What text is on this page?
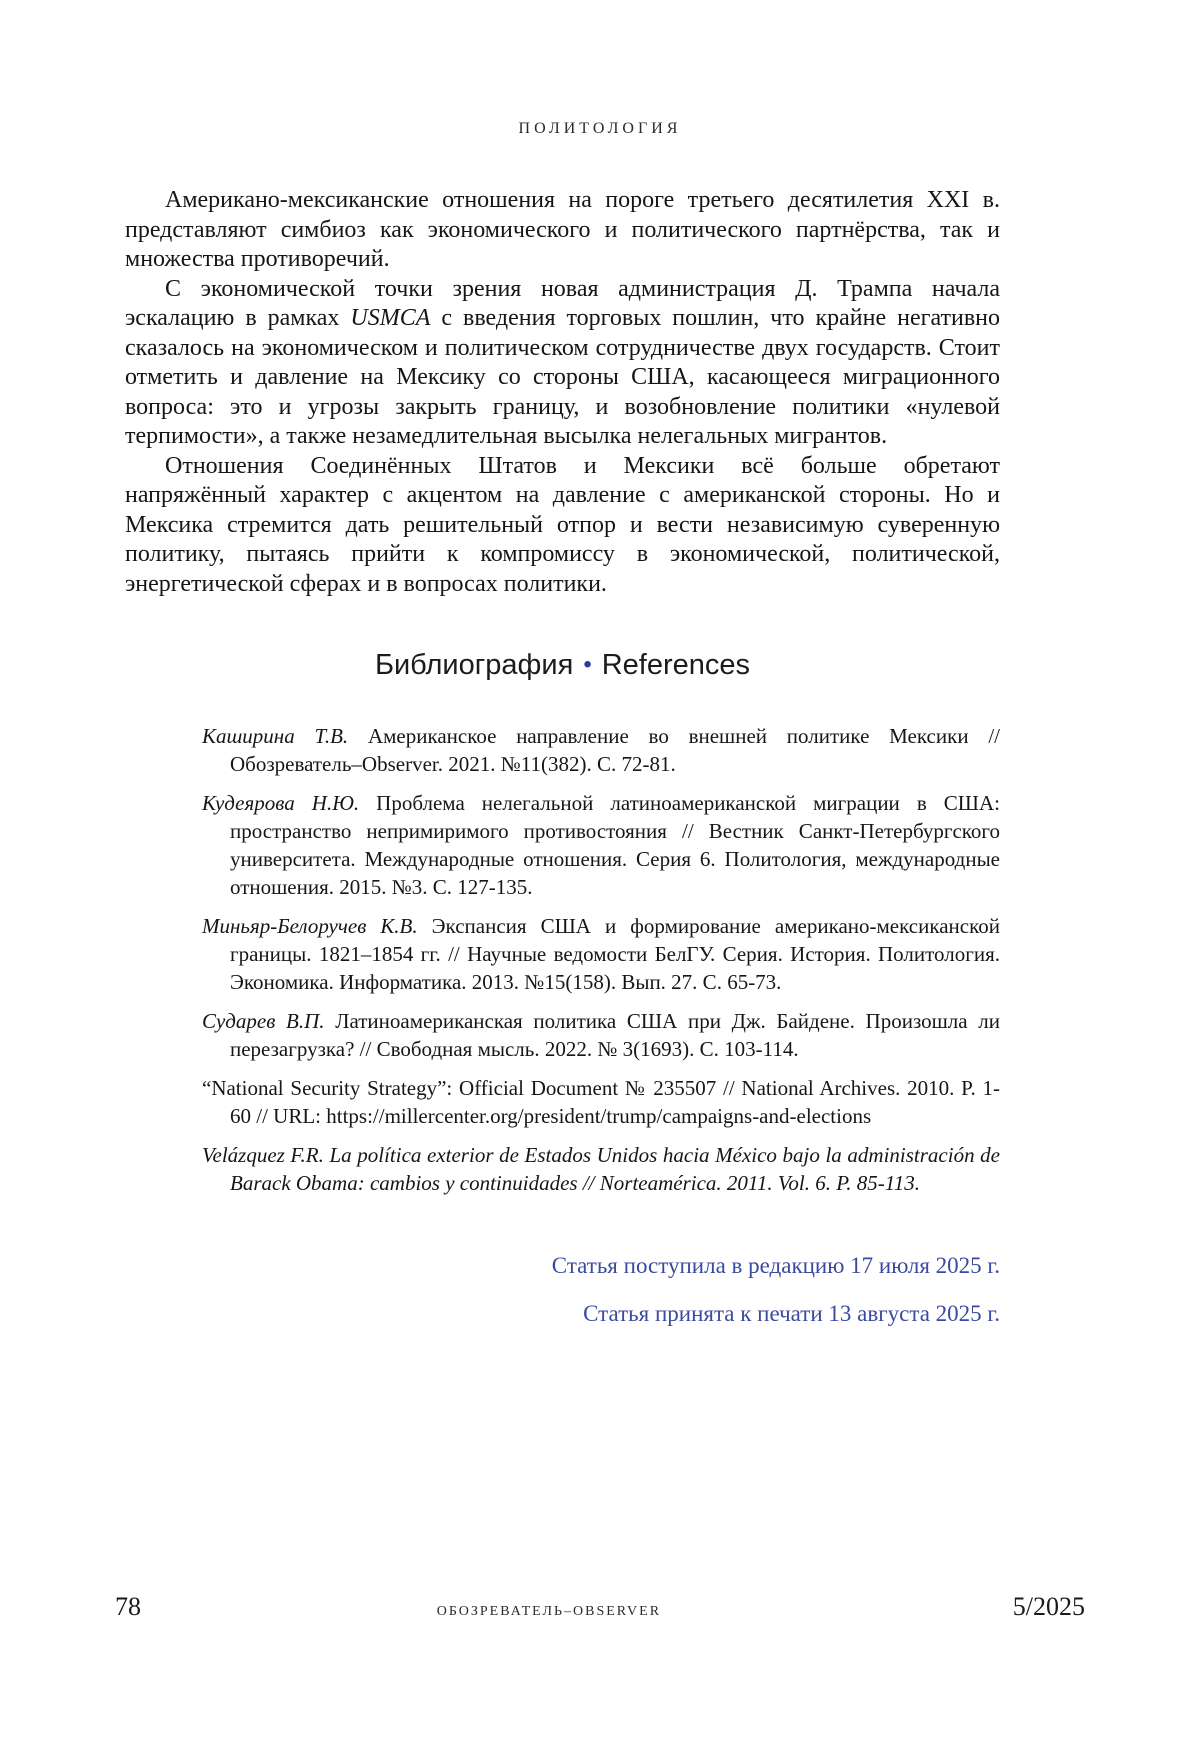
ПОЛИТОЛОГИЯ

Американо-мексиканские отношения на пороге третьего десятилетия XXI в. представляют симбиоз как экономического и политического партнёрства, так и множества противоречий.

С экономической точки зрения новая администрация Д. Трампа начала эскалацию в рамках USMCA с введения торговых пошлин, что крайне негативно сказалось на экономическом и политическом сотрудничестве двух государств. Стоит отметить и давление на Мексику со стороны США, касающееся миграционного вопроса: это и угрозы закрыть границу, и возобновление политики «нулевой терпимости», а также незамедлительная высылка нелегальных мигрантов.

Отношения Соединённых Штатов и Мексики всё больше обретают напряжённый характер с акцентом на давление с американской стороны. Но и Мексика стремится дать решительный отпор и вести независимую суверенную политику, пытаясь прийти к компромиссу в экономической, политической, энергетической сферах и в вопросах политики.

Библиография • References
Каширина Т.В. Американское направление во внешней политике Мексики // Обозреватель–Observer. 2021. №11(382). С. 72-81.
Кудеярова Н.Ю. Проблема нелегальной латиноамериканской миграции в США: пространство непримиримого противостояния // Вестник Санкт-Петербургского университета. Международные отношения. Серия 6. Политология, международные отношения. 2015. №3. С. 127-135.
Миньяр-Белоручев К.В. Экспансия США и формирование американо-мексиканской границы. 1821–1854 гг. // Научные ведомости БелГУ. Серия. История. Политология. Экономика. Информатика. 2013. №15(158). Вып. 27. С. 65-73.
Сударев В.П. Латиноамериканская политика США при Дж. Байдене. Произошла ли перезагрузка? // Свободная мысль. 2022. № 3(1693). С. 103-114.
“National Security Strategy”: Official Document № 235507 // National Archives. 2010. P. 1-60 // URL: https://millercenter.org/president/trump/campaigns-and-elections
Velázquez F.R. La política exterior de Estados Unidos hacia México bajo la administración de Barack Obama: cambios y continuidades // Norteamérica. 2011. Vol. 6. P. 85-113.

Статья поступила в редакцию 17 июля 2025 г.

Статья принята к печати 13 августа 2025 г.

78	ОБОЗРЕВАТЕЛЬ–OBSERVER	5/2025
